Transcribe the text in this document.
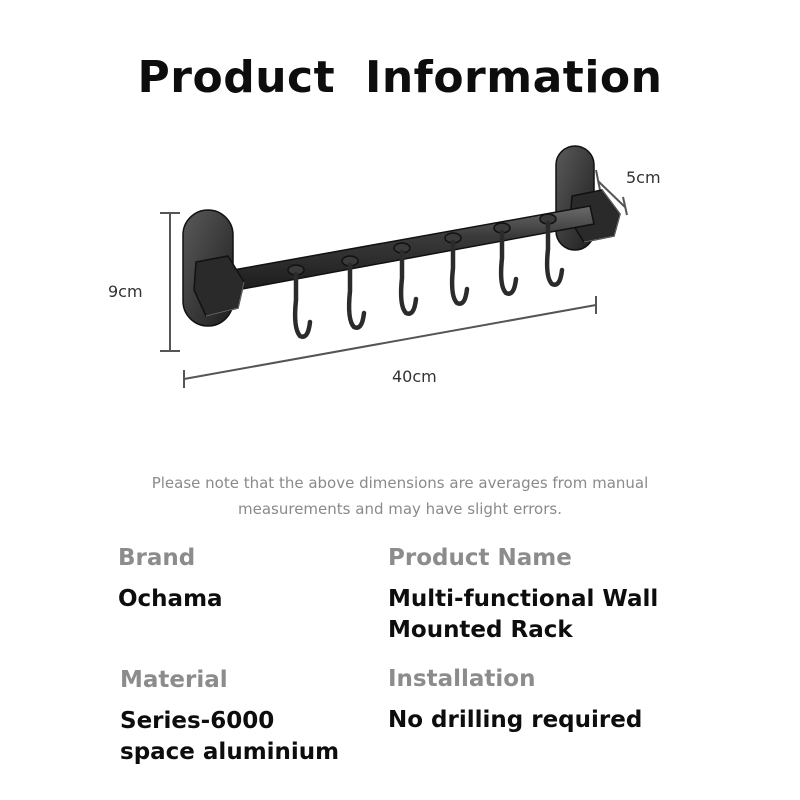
Product Information
9cm
5cm
40cm
Please note that the above dimensions are averages from manual
measurements and may have slight errors.
Brand
Ochama
Product Name
Multi-functional Wall
Mounted Rack
Material
Series-6000
space aluminium
Installation
No drilling required
